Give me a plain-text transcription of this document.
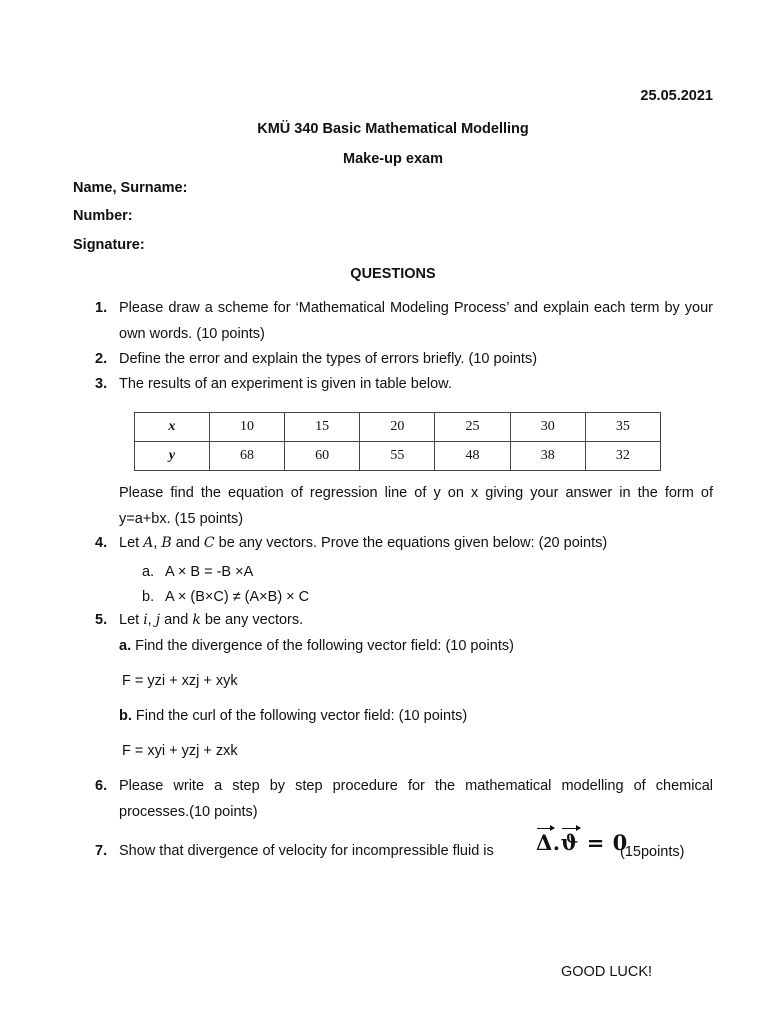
25.05.2021
KMÜ 340 Basic Mathematical Modelling
Make-up exam
Name, Surname:
Number:
Signature:
QUESTIONS
1. Please draw a scheme for ‘Mathematical Modeling Process’ and explain each term by your own words. (10 points)
2. Define the error and explain the types of errors briefly. (10 points)
3. The results of an experiment is given in table below.
x	10	15	20	25	30	35
y	68	60	55	48	38	32
Please find the equation of regression line of y on x giving your answer in the form of y=a+bx. (15 points)
4. Let A, B and C be any vectors. Prove the equations given below: (20 points)
a. A × B = -B ×A
b. A × (B×C) ≠ (A×B) × C
5. Let i, j and k be any vectors.
a. Find the divergence of the following vector field: (10 points)
F = yzi + xzj + xyk
b. Find the curl of the following vector field: (10 points)
F = xyi + yzj + zxk
6. Please write a step by step procedure for the mathematical modelling of chemical processes.(10 points)
7. Show that divergence of velocity for incompressible fluid is	Δ.ϑ = 0
(15points)
GOOD LUCK!
